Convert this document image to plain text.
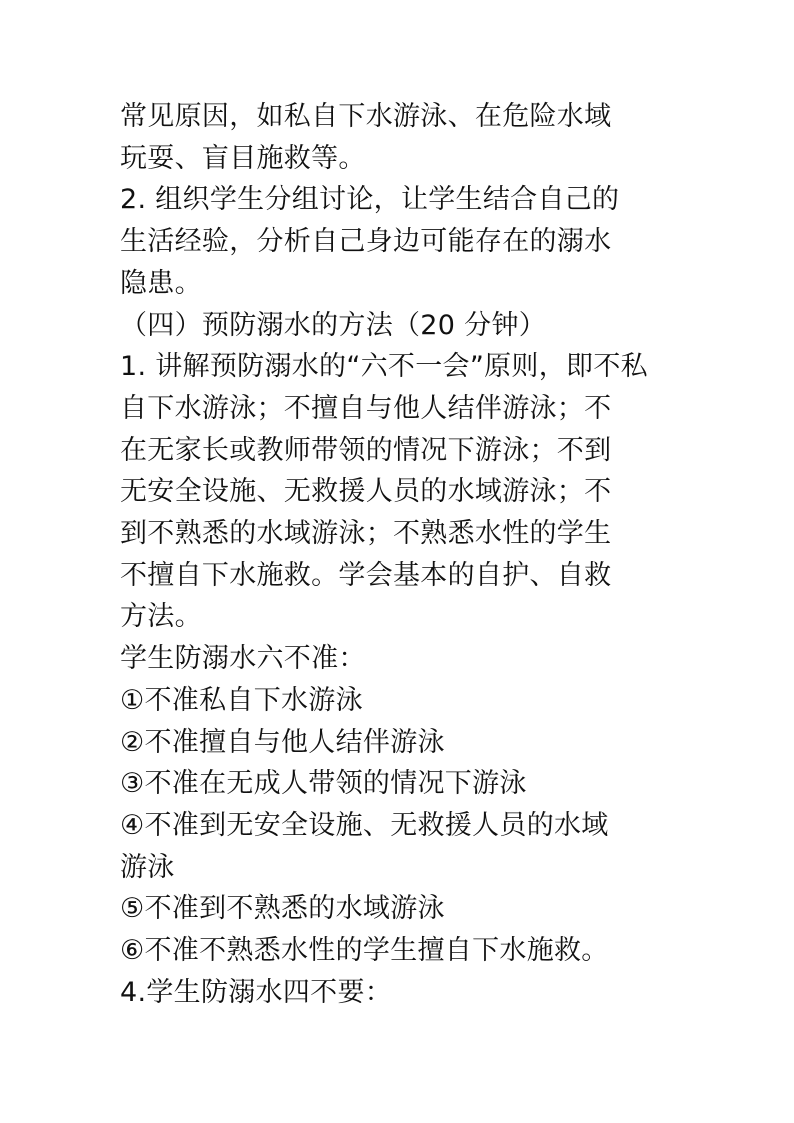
常见原因，如私自下水游泳、在危险水域
玩耍、盲目施救等。

2. 组织学生分组讨论，让学生结合自己的
生活经验，分析自己身边可能存在的溺水
隐患。

（四）预防溺水的方法（20 分钟）

1. 讲解预防溺水的“六不一会”原则，即不私
自下水游泳；不擅自与他人结伴游泳；不
在无家长或教师带领的情况下游泳；不到
无安全设施、无救援人员的水域游泳；不
到不熟悉的水域游泳；不熟悉水性的学生
不擅自下水施救。学会基本的自护、自救
方法。

学生防溺水六不准：

①不准私自下水游泳

②不准擅自与他人结伴游泳

③不准在无成人带领的情况下游泳

④不准到无安全设施、无救援人员的水域
游泳

⑤不准到不熟悉的水域游泳

⑥不准不熟悉水性的学生擅自下水施救。

4.学生防溺水四不要：
